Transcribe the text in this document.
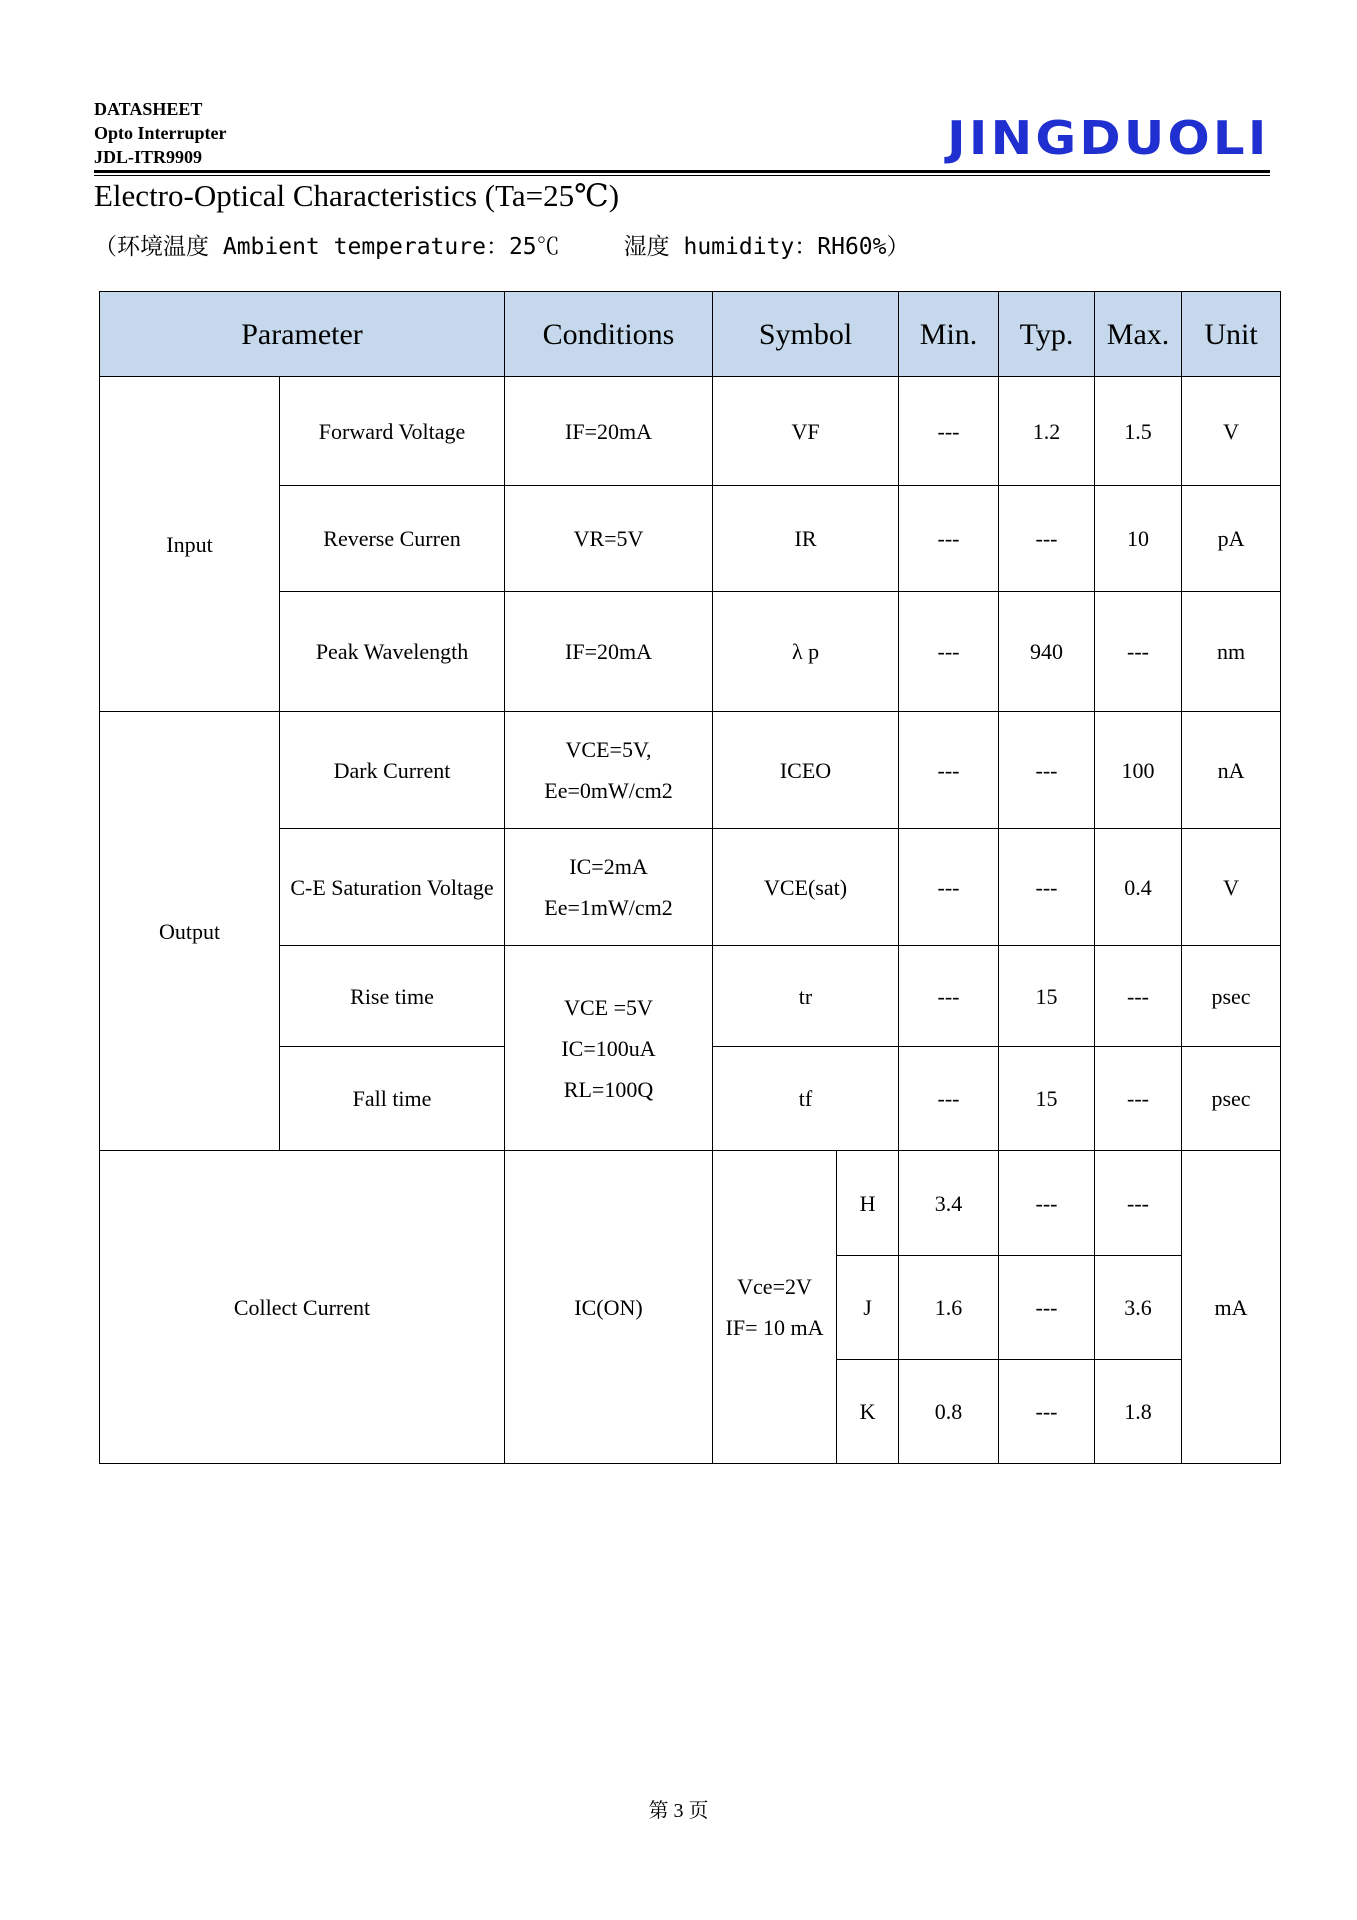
DATASHEET
Opto Interrupter
JDL-ITR9909	JINGDUOLI
Electro-Optical Characteristics (Ta=25℃)
（环境温度 Ambient temperature：25℃	湿度 humidity：RH60%）
Parameter		Conditions	Symbol		Min.	Typ.	Max.	Unit
Input	Forward Voltage	IF=20mA	VF		---	1.2	1.5	V
	Reverse Curren	VR=5V	IR		---	---	10	pA
	Peak Wavelength	IF=20mA	λ p		---	940	---	nm
Output	Dark Current	VCE=5V,
Ee=0mW/cm2	ICEO		---	---	100	nA
	C-E Saturation Voltage	IC=2mA
Ee=1mW/cm2	VCE(sat)		---	---	0.4	V
	Rise time	VCE =5V
IC=100uA
RL=100Q	tr		---	15	---	psec
	Fall time		tf		---	15	---	psec
Collect Current		IC(ON)	Vce=2V
IF= 10 mA	H	3.4	---	---	mA
				J	1.6	---	3.6	
				K	0.8	---	1.8	
第 3 页
